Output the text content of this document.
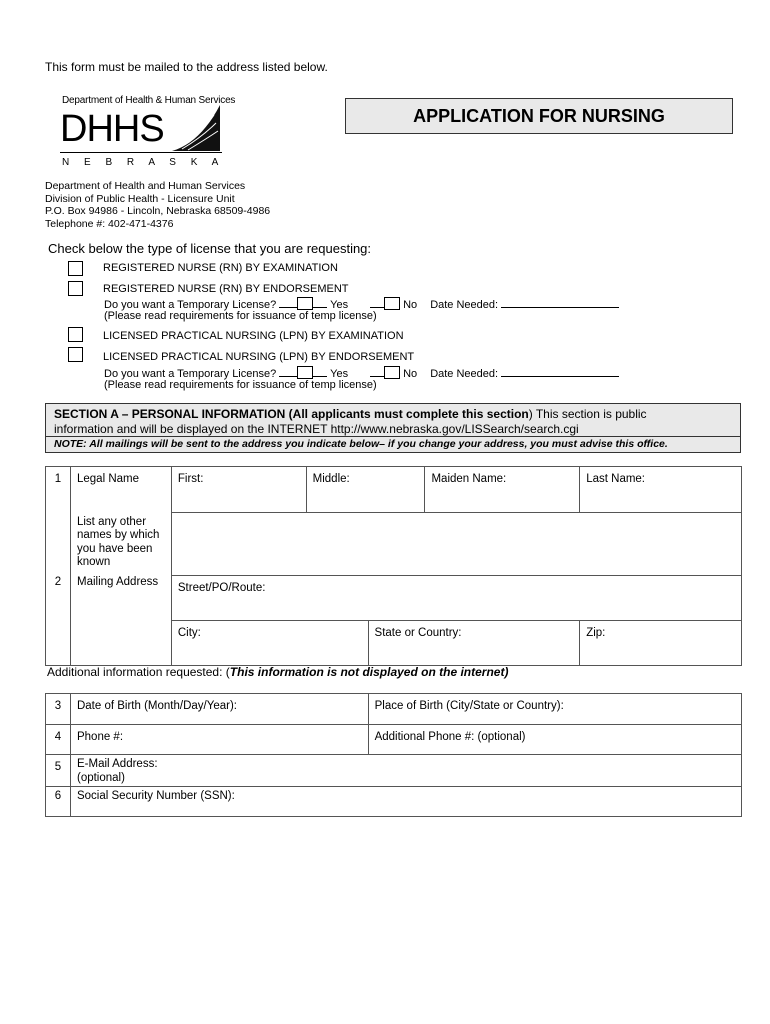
This form must be mailed to the address listed below.
Department of Health & Human Services
DHHS
N E B R A S K A
APPLICATION FOR NURSING
Department of Health and Human Services
Division of Public Health - Licensure Unit
P.O. Box 94986 - Lincoln, Nebraska 68509-4986
Telephone #: 402-471-4376
Check below the type of license that you are requesting:
REGISTERED NURSE (RN) BY EXAMINATION
REGISTERED NURSE (RN) BY ENDORSEMENT
Do you want a Temporary License?	Yes	No Date Needed:
(Please read requirements for issuance of temp license)
LICENSED PRACTICAL NURSING (LPN) BY EXAMINATION
LICENSED PRACTICAL NURSING (LPN) BY ENDORSEMENT
Do you want a Temporary License?	Yes	No Date Needed:
(Please read requirements for issuance of temp license)
SECTION A – PERSONAL INFORMATION (All applicants must complete this section) This section is public
information and will be displayed on the INTERNET http://www.nebraska.gov/LISSearch/search.cgi
NOTE: All mailings will be sent to the address you indicate below– if you change your address, you must advise this office.
1	Legal Name	First:	Middle:		Maiden Name:	Last Name:
	List any other names by which you have been known					
2	Mailing Address	Street/PO/Route:				
		City:		State or Country:		Zip:
Additional information requested: (This information is not displayed on the internet)
3	Date of Birth (Month/Day/Year):	Place of Birth (City/State or Country):
4	Phone #:	Additional Phone #: (optional)
5	E-Mail Address:
(optional)	

6	Social Security Number (SSN):	
